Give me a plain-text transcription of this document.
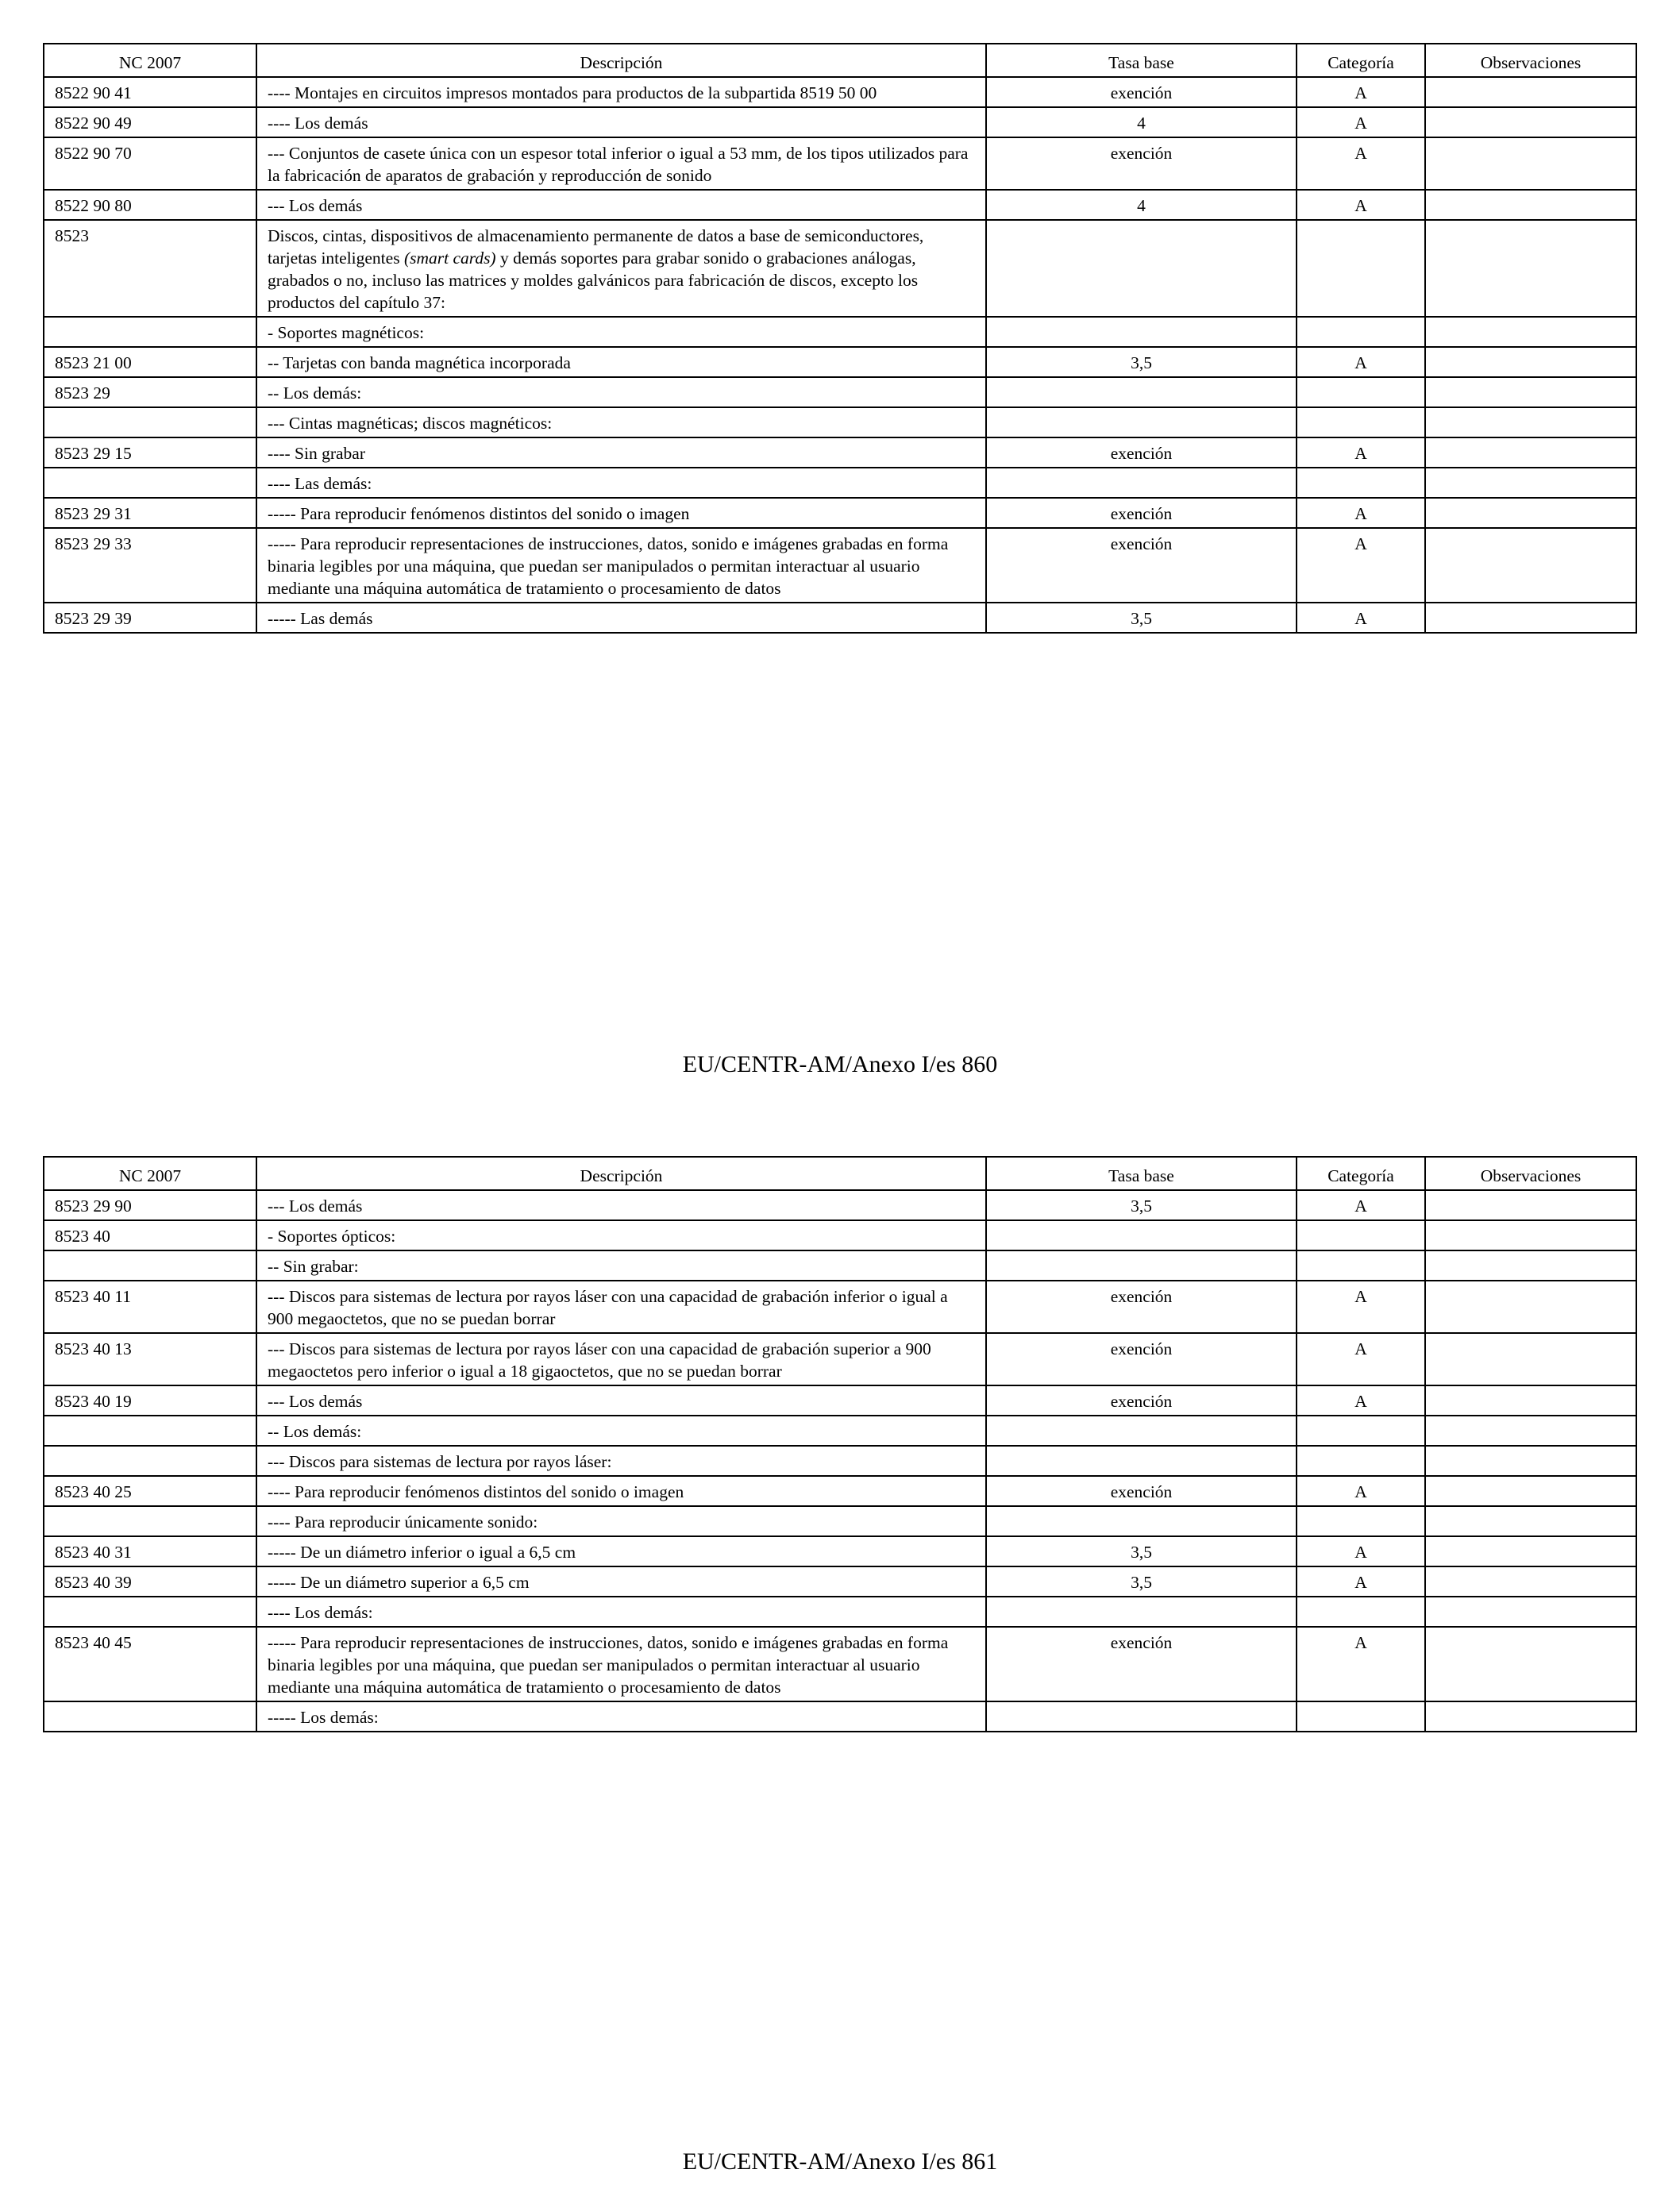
NC 2007	Descripción	Tasa base	Categoría	Observaciones
8522 90 41	---- Montajes en circuitos impresos montados para productos de la subpartida 8519 50 00	exención	A	
8522 90 49	---- Los demás	4	A	
8522 90 70	--- Conjuntos de casete única con un espesor total inferior o igual a 53 mm, de los tipos utilizados para la fabricación de aparatos de grabación y reproducción de sonido	exención	A	
8522 90 80	--- Los demás	4	A	
8523	Discos, cintas, dispositivos de almacenamiento permanente de datos a base de semiconductores, tarjetas inteligentes (smart cards) y demás soportes para grabar sonido o grabaciones análogas, grabados o no, incluso las matrices y moldes galvánicos para fabricación de discos, excepto los productos del capítulo 37:			
	- Soportes magnéticos:			
8523 21 00	-- Tarjetas con banda magnética incorporada	3,5	A	
8523 29	-- Los demás:			
	--- Cintas magnéticas; discos magnéticos:			
8523 29 15	---- Sin grabar	exención	A	
	---- Las demás:			
8523 29 31	----- Para reproducir fenómenos distintos del sonido o imagen	exención	A	
8523 29 33	----- Para reproducir representaciones de instrucciones, datos, sonido e imágenes grabadas en forma binaria legibles por una máquina, que puedan ser manipulados o permitan interactuar al usuario mediante una máquina automática de tratamiento o procesamiento de datos	exención	A	
8523 29 39	----- Las demás	3,5	A	
EU/CENTR-AM/Anexo I/es 860
NC 2007	Descripción	Tasa base	Categoría	Observaciones
8523 29 90	--- Los demás	3,5	A	
8523 40	- Soportes ópticos:			
	-- Sin grabar:			
8523 40 11	--- Discos para sistemas de lectura por rayos láser con una capacidad de grabación inferior o igual a 900 megaoctetos, que no se puedan borrar	exención	A	
8523 40 13	--- Discos para sistemas de lectura por rayos láser con una capacidad de grabación superior a 900 megaoctetos pero inferior o igual a 18 gigaoctetos, que no se puedan borrar	exención	A	
8523 40 19	--- Los demás	exención	A	
	-- Los demás:			
	--- Discos para sistemas de lectura por rayos láser:			
8523 40 25	---- Para reproducir fenómenos distintos del sonido o imagen	exención	A	
	---- Para reproducir únicamente sonido:			
8523 40 31	----- De un diámetro inferior o igual a 6,5 cm	3,5	A	
8523 40 39	----- De un diámetro superior a 6,5 cm	3,5	A	
	---- Los demás:			
8523 40 45	----- Para reproducir representaciones de instrucciones, datos, sonido e imágenes grabadas en forma binaria legibles por una máquina, que puedan ser manipulados o permitan interactuar al usuario mediante una máquina automática de tratamiento o procesamiento de datos	exención	A	
	----- Los demás:			
EU/CENTR-AM/Anexo I/es 861
